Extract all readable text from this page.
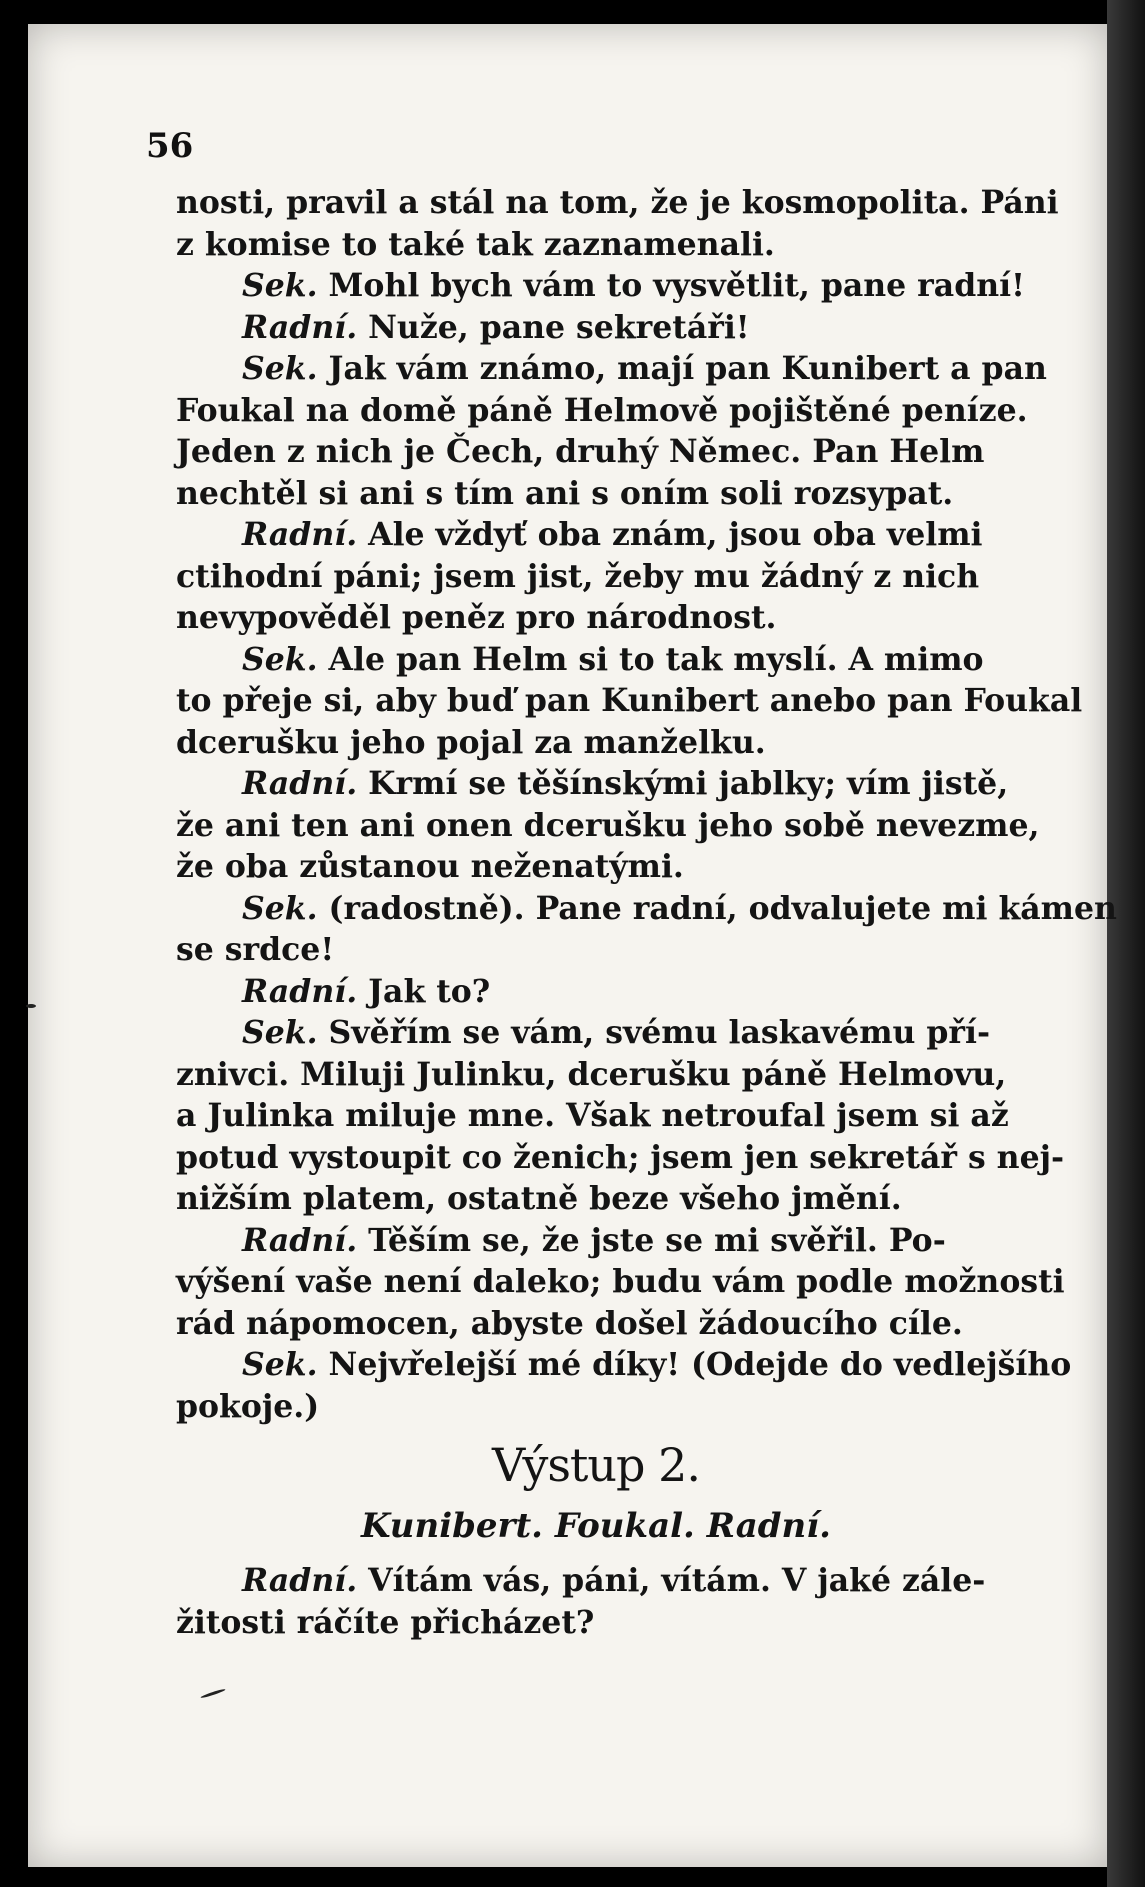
56
nosti, pravil a stál na tom, že je kosmopolita. Páni
z komise to také tak zaznamenali.
Sek. Mohl bych vám to vysvětlit, pane radní!
Radní. Nuže, pane sekretáři!
Sek. Jak vám známo, mají pan Kunibert a pan
Foukal na domě páně Helmově pojištěné peníze.
Jeden z nich je Čech, druhý Němec. Pan Helm
nechtěl si ani s tím ani s oním soli rozsypat.
Radní. Ale vždyť oba znám, jsou oba velmi
ctihodní páni; jsem jist, žeby mu žádný z nich
nevypověděl peněz pro národnost.
Sek. Ale pan Helm si to tak myslí. A mimo
to přeje si, aby buď pan Kunibert anebo pan Foukal
dcerušku jeho pojal za manželku.
Radní. Krmí se těšínskými jablky; vím jistě,
že ani ten ani onen dcerušku jeho sobě nevezme,
že oba zůstanou neženatými.
Sek. (radostně). Pane radní, odvalujete mi kámen
se srdce!
Radní. Jak to?
Sek. Svěřím se vám, svému laskavému pří-
znivci. Miluji Julinku, dcerušku páně Helmovu,
a Julinka miluje mne. Však netroufal jsem si až
potud vystoupit co ženich; jsem jen sekretář s nej-
nižším platem, ostatně beze všeho jmění.
Radní. Těším se, že jste se mi svěřil. Po-
výšení vaše není daleko; budu vám podle možnosti
rád nápomocen, abyste došel žádoucího cíle.
Sek. Nejvřelejší mé díky! (Odejde do vedlejšího
pokoje.)
Výstup 2.
Kunibert. Foukal. Radní.
Radní. Vítám vás, páni, vítám. V jaké zále-
žitosti ráčíte přicházet?
